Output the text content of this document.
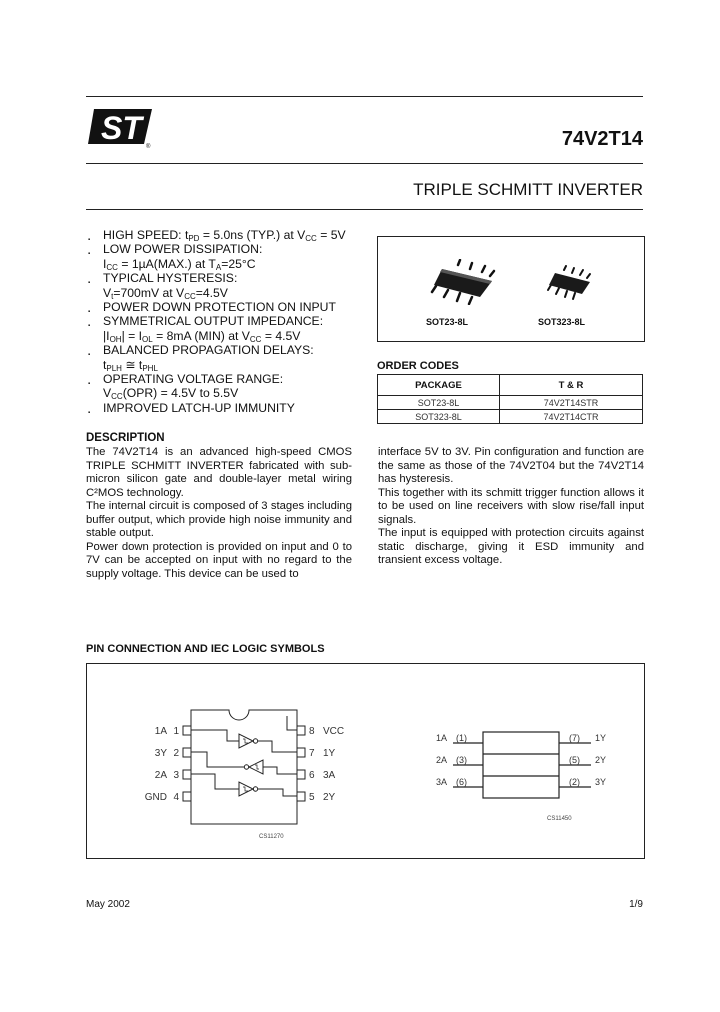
ST
®	74V2T14
TRIPLE SCHMITT INVERTER
▪ HIGH SPEED: $t_{PD} = 5.0ns$ (TYP.) at $V_{CC} = 5V$
▪ LOW POWER DISSIPATION:
$I_{CC} = 1\mu A(MAX.)$ at $T_A=25^\circ C$
▪ TYPICAL HYSTERESIS:
$V_t=700mV$ at $V_{CC}=4.5V$
▪ POWER DOWN PROTECTION ON INPUT
▪ SYMMETRICAL OUTPUT IMPEDANCE:
$|I_{OH}| = I_{OL} = 8mA$ (MIN) at $V_{CC} = 4.5V$
▪ BALANCED PROPAGATION DELAYS:
$t_{PLH}$ ≅ $t_{PHL}$
▪ OPERATING VOLTAGE RANGE:
$V_{CC}(OPR) = 4.5V$ to 5.5V
▪ IMPROVED LATCH-UP IMMUNITY
SOT23-8L	SOT323-8L
ORDER CODES
PACKAGE	T & R
SOT23-8L	74V2T14STR
SOT323-8L	74V2T14CTR
DESCRIPTION

The 74V2T14 is an advanced high-speed CMOS TRIPLE SCHMITT INVERTER fabricated with sub-micron silicon gate and double-layer metal wiring C²MOS technology.

The internal circuit is composed of 3 stages including buffer output, which provide high noise immunity and stable output.

Power down protection is provided on input and 0 to 7V can be accepted on input with no regard to the supply voltage. This device can be used to

interface 5V to 3V. Pin configuration and function are the same as those of the 74V2T04 but the 74V2T14 has hysteresis.

This together with its schmitt trigger function allows it to be used on line receivers with slow rise/fall input signals.

The input is equipped with protection circuits against static discharge, giving it ESD immunity and transient excess voltage.

PIN CONNECTION AND IEC LOGIC SYMBOLS
1A 1
3Y 2
2A 3
GND 4
8 VCC
7 1Y
6 3A
5 2Y
CS11270
1A (1)
2A (3)
3A (6)
(7) 1Y
(5) 2Y
(2) 3Y
CS11450
May 2002	1/9
